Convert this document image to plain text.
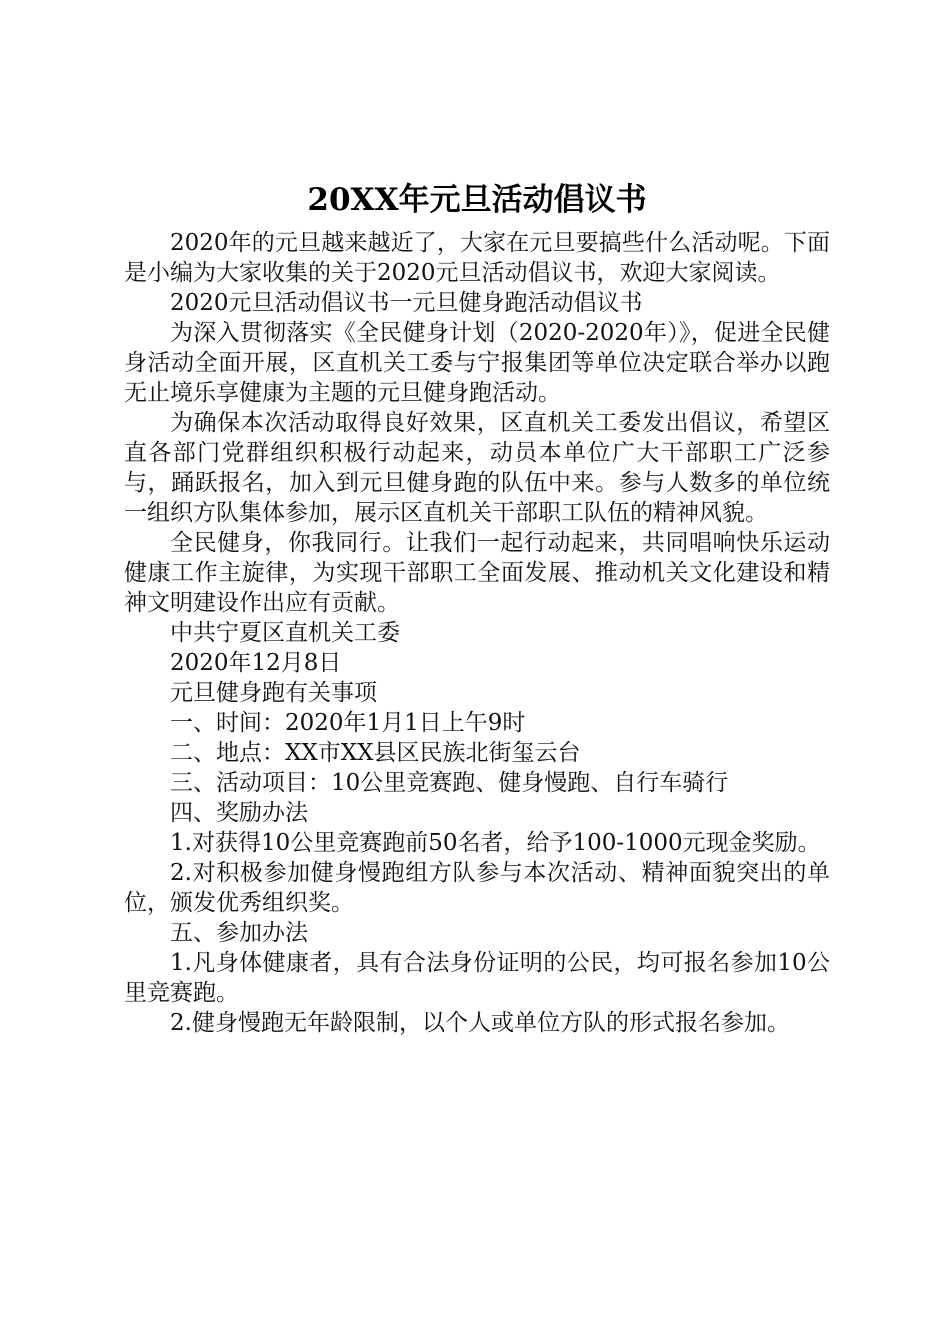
20XX年元旦活动倡议书

2020年的元旦越来越近了，大家在元旦要搞些什么活动呢。下面是小编为大家收集的关于2020元旦活动倡议书，欢迎大家阅读。

2020元旦活动倡议书一元旦健身跑活动倡议书

为深入贯彻落实《全民健身计划（2020-2020年）》，促进全民健身活动全面开展，区直机关工委与宁报集团等单位决定联合举办以跑无止境乐享健康为主题的元旦健身跑活动。

为确保本次活动取得良好效果，区直机关工委发出倡议，希望区直各部门党群组织积极行动起来，动员本单位广大干部职工广泛参与，踊跃报名，加入到元旦健身跑的队伍中来。参与人数多的单位统一组织方队集体参加，展示区直机关干部职工队伍的精神风貌。

全民健身，你我同行。让我们一起行动起来，共同唱响快乐运动健康工作主旋律，为实现干部职工全面发展、推动机关文化建设和精神文明建设作出应有贡献。

中共宁夏区直机关工委

2020年12月8日

元旦健身跑有关事项

一、时间：2020年1月1日上午9时

二、地点：XX市XX县区民族北街玺云台

三、活动项目：10公里竞赛跑、健身慢跑、自行车骑行

四、奖励办法

1.对获得10公里竞赛跑前50名者，给予100-1000元现金奖励。

2.对积极参加健身慢跑组方队参与本次活动、精神面貌突出的单位，颁发优秀组织奖。

五、参加办法

1.凡身体健康者，具有合法身份证明的公民，均可报名参加10公里竞赛跑。

2.健身慢跑无年龄限制，以个人或单位方队的形式报名参加。
